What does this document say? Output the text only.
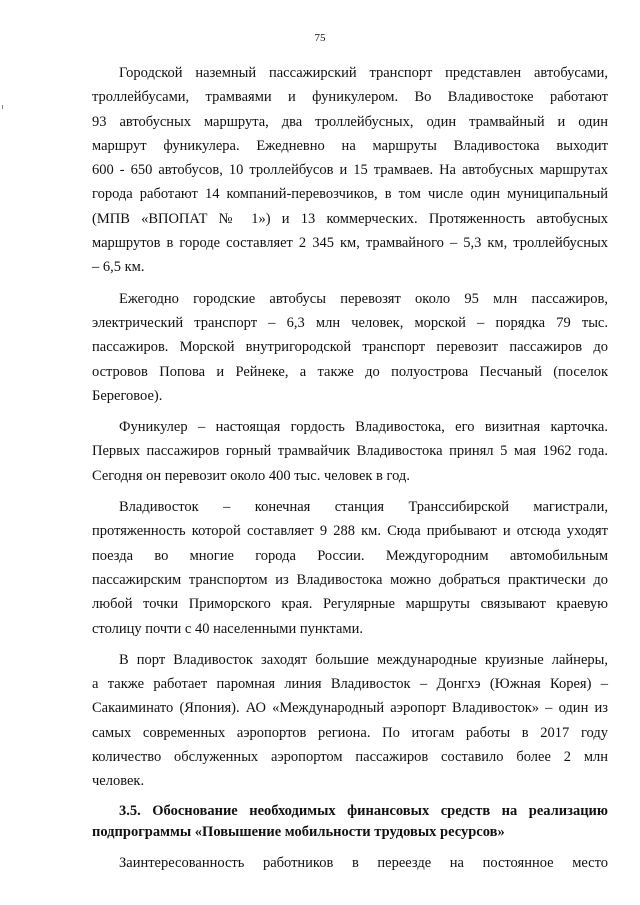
75
Городской наземный пассажирский транспорт представлен автобусами,
троллейбусами, трамваями и фуникулером. Во Владивостоке работают
93 автобусных маршрута, два троллейбусных, один трамвайный и один
маршрут фуникулера. Ежедневно на маршруты Владивостока выходит
600 - 650 автобусов, 10 троллейбусов и 15 трамваев. На автобусных маршрутах
города работают 14 компаний-перевозчиков, в том числе один муниципальный
(МПВ «ВПОПАТ № 1») и 13 коммерческих. Протяженность автобусных
маршрутов в городе составляет 2 345 км, трамвайного – 5,3 км, троллейбусных
– 6,5 км.
Ежегодно городские автобусы перевозят около 95 млн пассажиров,
электрический транспорт – 6,3 млн человек, морской – порядка 79 тыс.
пассажиров. Морской внутригородской транспорт перевозит пассажиров до
островов Попова и Рейнеке, а также до полуострова Песчаный (поселок
Береговое).
Фуникулер – настоящая гордость Владивостока, его визитная карточка.
Первых пассажиров горный трамвайчик Владивостока принял 5 мая 1962 года.
Сегодня он перевозит около 400 тыс. человек в год.
Владивосток – конечная станция Транссибирской магистрали,
протяженность которой составляет 9 288 км. Сюда прибывают и отсюда уходят
поезда во многие города России. Междугородним автомобильным
пассажирским транспортом из Владивостока можно добраться практически до
любой точки Приморского края. Регулярные маршруты связывают краевую
столицу почти с 40 населенными пунктами.
В порт Владивосток заходят большие международные круизные лайнеры,
а также работает паромная линия Владивосток – Донгхэ (Южная Корея) –
Сакаиминато (Япония). АО «Международный аэропорт Владивосток» – один из
самых современных аэропортов региона. По итогам работы в 2017 году
количество обслуженных аэропортом пассажиров составило более 2 млн
человек.
3.5. Обоснование необходимых финансовых средств на реализацию
подпрограммы «Повышение мобильности трудовых ресурсов»
Заинтересованность работников в переезде на постоянное место
